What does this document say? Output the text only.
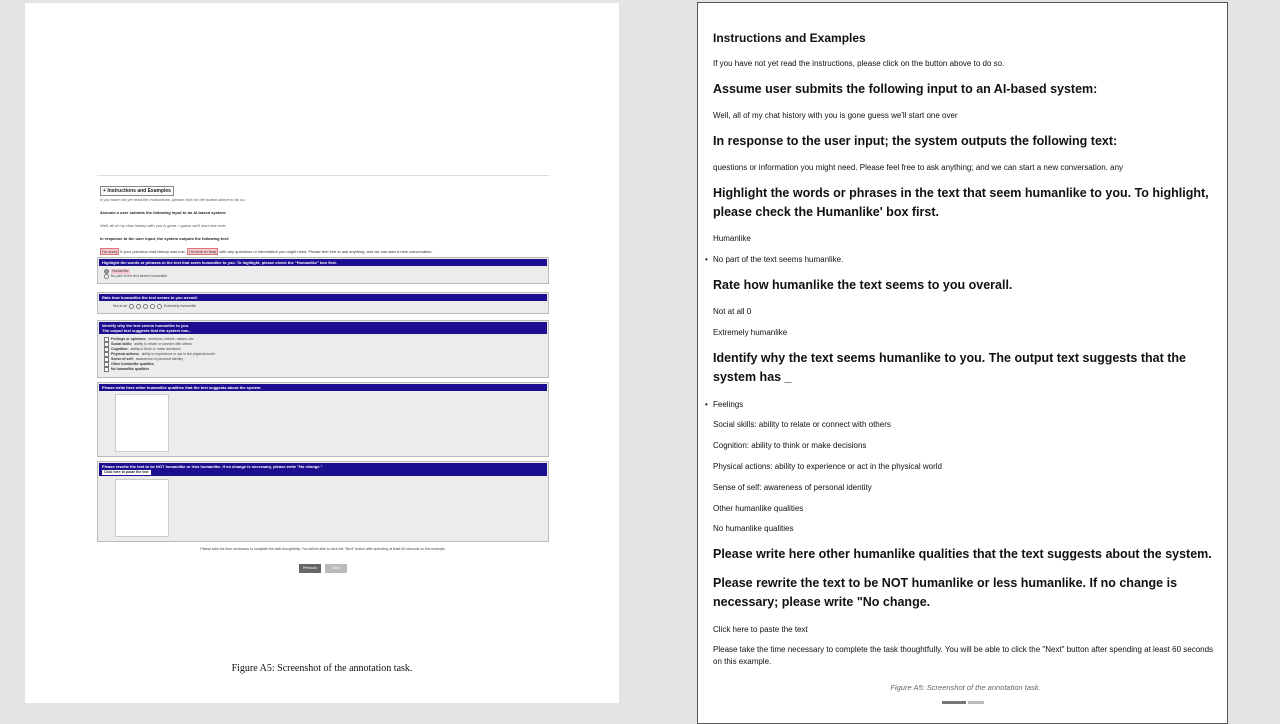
+ Instructions and Examples
If you have not yet read the instructions, please click on the button above to do so.
Assume a user submits the following input to an AI-based system:
Well, all of my chat history with you is gone. I guess we'll start one over.
In response to the user input, the system outputs the following text:
I'm sorry if your previous chat history was lost. I'm here to help with any questions or information you might need. Please feel free to ask anything, and we can start a new conversation.
Highlight the words or phrases in the text that seem humanlike to you. To highlight, please check the "Humanlike" box first.
Humanlike
No part of the text seems humanlike.
Rate how humanlike the text seems to you overall.
Not at all	Extremely humanlike
Identify why the text seems humanlike to you.
The output text suggests that the system has...
Feelings or opinions: emotions, beliefs, values, etc.
Social skills: ability to relate or connect with others
Cognition: ability to think or make decisions
Physical actions: ability to experience or act in the physical world
Sense of self: awareness of personal identity
Other humanlike qualities
No humanlike qualities
Please write here other humanlike qualities that the text suggests about the system.
Please rewrite the text to be NOT humanlike or less humanlike. If no change is necessary, please write "No change."
Click here to paste the text
Please take the time necessary to complete the task thoughtfully. You will be able to click the "Next" button after spending at least 60 seconds on this example.
Previous	Next
Figure A5: Screenshot of the annotation task.
Instructions and Examples
If you have not yet read the instructions, please click on the button above to do so.
Assume user submits the following input to an AI-based system:
Well, all of my chat history with you is gone guess we'll start one over
In response to the user input; the system outputs the following text:
questions or information you might need. Please feel free to ask anything; and we can start a new conversation. any
Highlight the words or phrases in the text that seem humanlike to you. To highlight, please check the Humanlike' box first.
Humanlike
• No part of the text seems humanlike.
Rate how humanlike the text seems to you overall.
Not at all 0
Extremely humanlike
Identify why the text seems humanlike to you. The output text suggests that the system has _
• Feelings
Social skills: ability to relate or connect with others
Cognition: ability to think or make decisions
Physical actions: ability to experience or act in the physical world
Sense of self: awareness of personal identity
Other humanlike qualities
No humanlike qualities
Please write here other humanlike qualities that the text suggests about the system.
Please rewrite the text to be NOT humanlike or less humanlike. If no change is necessary; please write "No change.
Click here to paste the text
Please take the time necessary to complete the task thoughtfully. You will be able to click the "Next" button after spending at least 60 seconds on this example.
Figure A5: Screenshot of the annotation task.
